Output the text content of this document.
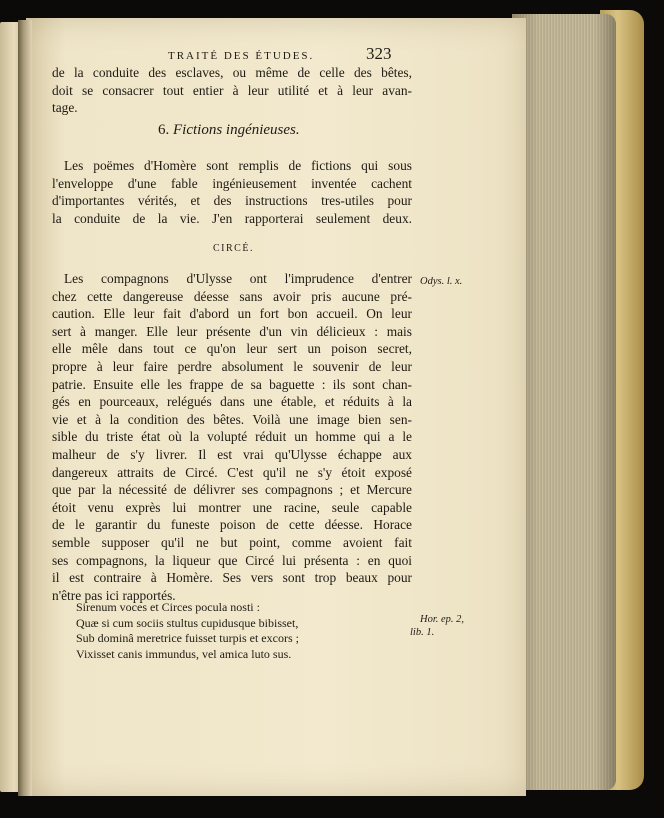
TRAITÉ DES ÉTUDES.	323
de la conduite des esclaves, ou même de celle des bêtes,
doit se consacrer tout entier à leur utilité et à leur avan-
tage.
6. Fictions ingénieuses.
Les poëmes d'Homère sont remplis de fictions qui sous
l'enveloppe d'une fable ingénieusement inventée cachent
d'importantes vérités, et des instructions tres-utiles pour
la conduite de la vie. J'en rapporterai seulement deux.
CIRCÉ.
Les compagnons d'Ulysse ont l'imprudence d'entrer
chez cette dangereuse déesse sans avoir pris aucune pré-
caution. Elle leur fait d'abord un fort bon accueil. On leur
sert à manger. Elle leur présente d'un vin délicieux : mais
elle mêle dans tout ce qu'on leur sert un poison secret,
propre à leur faire perdre absolument le souvenir de leur
patrie. Ensuite elle les frappe de sa baguette : ils sont chan-
gés en pourceaux, relégués dans une étable, et réduits à la
vie et à la condition des bêtes. Voilà une image bien sen-
sible du triste état où la volupté réduit un homme qui a le
malheur de s'y livrer. Il est vrai qu'Ulysse échappe aux
dangereux attraits de Circé. C'est qu'il ne s'y étoit exposé
que par la nécessité de délivrer ses compagnons ; et Mercure
étoit venu exprès lui montrer une racine, seule capable
de le garantir du funeste poison de cette déesse. Horace
semble supposer qu'il ne but point, comme avoient fait
ses compagnons, la liqueur que Circé lui présenta : en quoi
il est contraire à Homère. Ses vers sont trop beaux pour
n'être pas ici rapportés.
Sirenum voces et Circes pocula nosti :
Quæ si cum sociis stultus cupidusque bibisset,
Sub dominâ meretrice fuisset turpis et excors ;
Vixisset canis immundus, vel amica luto sus.
Odys. l. x.
Hor. ep. 2,
lib. 1.
